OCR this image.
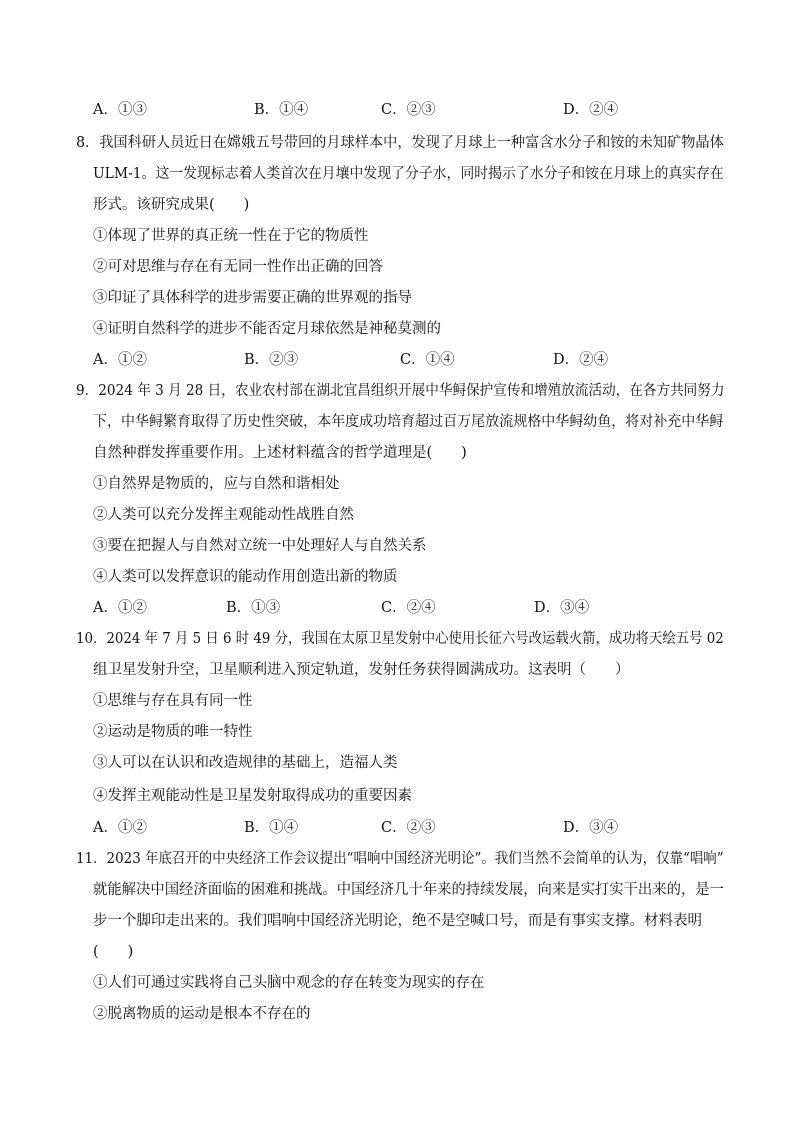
A．①③	B．①④	C．②③	D．②④
8．我国科研人员近日在嫦娥五号带回的月球样本中，发现了月球上一种富含水分子和铵的未知矿物晶体
ULM-1。这一发现标志着人类首次在月壤中发现了分子水，同时揭示了水分子和铵在月球上的真实存在
形式。该研究成果(　　)
①体现了世界的真正统一性在于它的物质性
②可对思维与存在有无同一性作出正确的回答
③印证了具体科学的进步需要正确的世界观的指导
④证明自然科学的进步不能否定月球依然是神秘莫测的
A．①②	B．②③	C．①④	D．②④
9．2024 年 3 月 28 日，农业农村部在湖北宜昌组织开展中华鲟保护宣传和增殖放流活动，在各方共同努力
下，中华鲟繁育取得了历史性突破，本年度成功培育超过百万尾放流规格中华鲟幼鱼，将对补充中华鲟
自然种群发挥重要作用。上述材料蕴含的哲学道理是(　　)
①自然界是物质的，应与自然和谐相处
②人类可以充分发挥主观能动性战胜自然
③要在把握人与自然对立统一中处理好人与自然关系
④人类可以发挥意识的能动作用创造出新的物质
A．①②	B．①③	C．②④	D．③④
10．2024 年 7 月 5 日 6 时 49 分，我国在太原卫星发射中心使用长征六号改运载火箭，成功将天绘五号 02
组卫星发射升空，卫星顺利进入预定轨道，发射任务获得圆满成功。这表明（　　）
①思维与存在具有同一性
②运动是物质的唯一特性
③人可以在认识和改造规律的基础上，造福人类
④发挥主观能动性是卫星发射取得成功的重要因素
A．①②	B．①④	C．②③	D．③④
11．2023 年底召开的中央经济工作会议提出“唱响中国经济光明论”。我们当然不会简单的认为，仅靠“唱响”
就能解决中国经济面临的困难和挑战。中国经济几十年来的持续发展，向来是实打实干出来的，是一
步一个脚印走出来的。我们唱响中国经济光明论，绝不是空喊口号，而是有事实支撑。材料表明
(　　)
①人们可通过实践将自己头脑中观念的存在转变为现实的存在
②脱离物质的运动是根本不存在的
